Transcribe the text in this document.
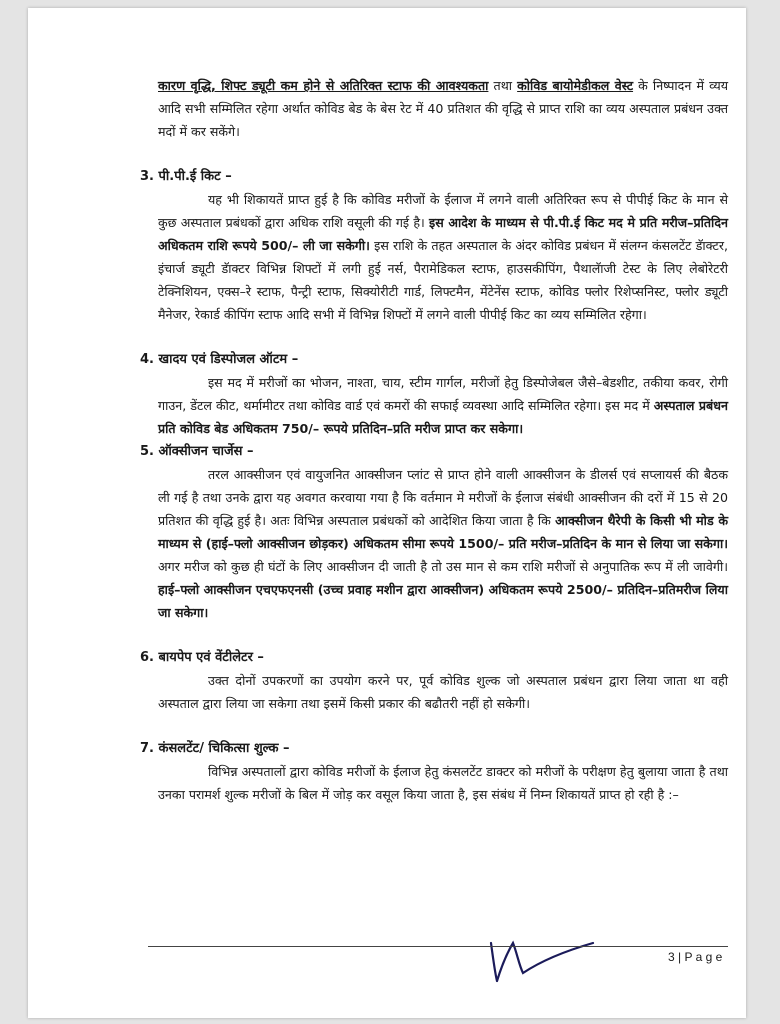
कारण वृद्धि, शिफ्ट ड्यूटी कम होने से अतिरिक्त स्टाफ की आवश्यकता तथा कोविड बायोमेडीकल वेस्ट के निष्पादन में व्यय आदि सभी सम्मिलित रहेगा अर्थात कोविड बेड के बेस रेट में 40 प्रतिशत की वृद्धि से प्राप्त राशि का व्यय अस्पताल प्रबंधन उक्त मदों में कर सकेंगे।

3. पी.पी.ई किट –

यह भी शिकायतें प्राप्त हुई है कि कोविड मरीजों के ईलाज में लगने वाली अतिरिक्त रूप से पीपीई किट के मान से कुछ अस्पताल प्रबंधकों द्वारा अधिक राशि वसूली की गई है। इस आदेश के माध्यम से पी.पी.ई किट मद मे प्रति मरीज–प्रतिदिन अधिकतम राशि रूपये 500/– ली जा सकेगी। इस राशि के तहत अस्पताल के अंदर कोविड प्रबंधन में संलग्न कंसलटेंट डॅाक्टर, इंचार्ज ड्यूटी डॅाक्टर विभिन्न शिफ्टों में लगी हुई नर्स, पैरामेडिकल स्टाफ, हाउसकीपिंग, पैथालॅाजी टेस्ट के लिए लेबोरेटरी टेक्निशियन, एक्स–रे स्टाफ, पैन्ट्री स्टाफ, सिक्योरीटी गार्ड, लिफ्टमैन, मेंटेनेंस स्टाफ, कोविड फ्लोर रिशेप्सनिस्ट, फ्लोर ड्यूटी मैनेजर, रेकार्ड कीपिंग स्टाफ आदि सभी में विभिन्न शिफ्टों में लगने वाली पीपीई किट का व्यय सम्मिलित रहेगा।

4. खादय एवं डिस्पोजल ऑटम –

इस मद में मरीजों का भोजन, नाश्ता, चाय, स्टीम गार्गल, मरीजों हेतु डिस्पोजेबल जैसे–बेडशीट, तकीया कवर, रोगी गाउन, डेंटल कीट, थर्मामीटर तथा कोविड वार्ड एवं कमरों की सफाई व्यवस्था आदि सम्मिलित रहेगा। इस मद में अस्पताल प्रबंधन प्रति कोविड बेड अधिकतम 750/– रूपये प्रतिदिन–प्रति मरीज प्राप्त कर सकेगा।

5. ऑक्सीजन चार्जेस –

तरल आक्सीजन एवं वायुजनित आक्सीजन प्लांट से प्राप्त होने वाली आक्सीजन के डीलर्स एवं सप्लायर्स की बैठक ली गई है तथा उनके द्वारा यह अवगत करवाया गया है कि वर्तमान मे मरीजों के ईलाज संबंधी आक्सीजन की दरों में 15 से 20 प्रतिशत की वृद्धि हुई है। अतः विभिन्न अस्पताल प्रबंधकों को आदेशित किया जाता है कि आक्सीजन थैरेपी के किसी भी मोड के माध्यम से (हाई–फ्लो आक्सीजन छोड़कर) अधिकतम सीमा रूपये 1500/– प्रति मरीज–प्रतिदिन के मान से लिया जा सकेगा। अगर मरीज को कुछ ही घंटों के लिए आक्सीजन दी जाती है तो उस मान से कम राशि मरीजों से अनुपातिक रूप में ली जावेगी। हाई–फ्लो आक्सीजन एचएफएनसी (उच्च प्रवाह मशीन द्वारा आक्सीजन) अधिकतम रूपये 2500/– प्रतिदिन–प्रतिमरीज लिया जा सकेगा।

6. बायपेप एवं वेंटीलेटर –

उक्त दोनों उपकरणों का उपयोग करने पर, पूर्व कोविड शुल्क जो अस्पताल प्रबंधन द्वारा लिया जाता था वही अस्पताल द्वारा लिया जा सकेगा तथा इसमें किसी प्रकार की बढौतरी नहीं हो सकेगी।

7. कंसलटेंट/ चिकित्सा शुल्क –

विभिन्न अस्पतालों द्वारा कोविड मरीजों के ईलाज हेतु कंसलटेंट डाक्टर को मरीजों के परीक्षण हेतु बुलाया जाता है तथा उनका परामर्श शुल्क मरीजों के बिल में जोड़ कर वसूल किया जाता है, इस संबंध में निम्न शिकायतें प्राप्त हो रही है :–

3 | P a g e
